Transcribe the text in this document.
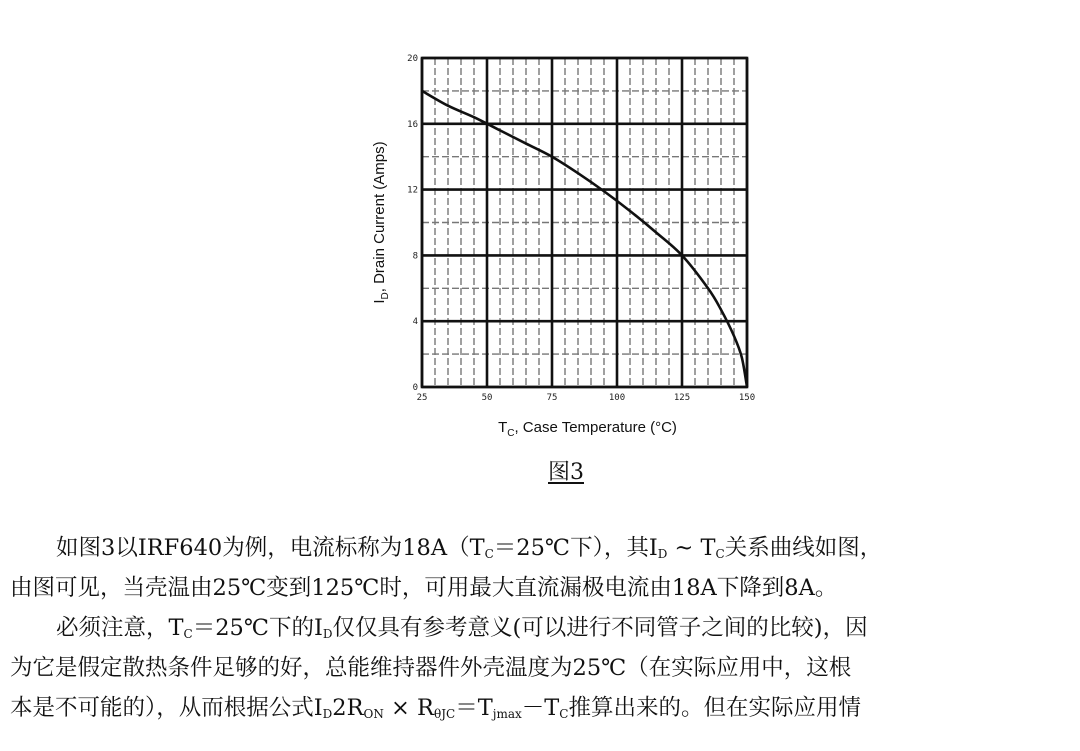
25	50	75	100	125	150
0
4
8
12
16
20
$T_C$, Case Temperature (°C)
$I_D$, Drain Current (Amps)
图3
如图3以IRF640为例，电流标称为18A（TC＝25℃下），其ID ~ TC关系曲线如图，
由图可见，当壳温由25℃变到125℃时，可用最大直流漏极电流由18A下降到8A。
必须注意，TC＝25℃下的ID仅仅具有参考意义(可以进行不同管子之间的比较)，因
为它是假定散热条件足够的好，总能维持器件外壳温度为25℃（在实际应用中，这根
本是不可能的），从而根据公式ID2RON × RθJC＝Tjmax－TC推算出来的。但在实际应用情
